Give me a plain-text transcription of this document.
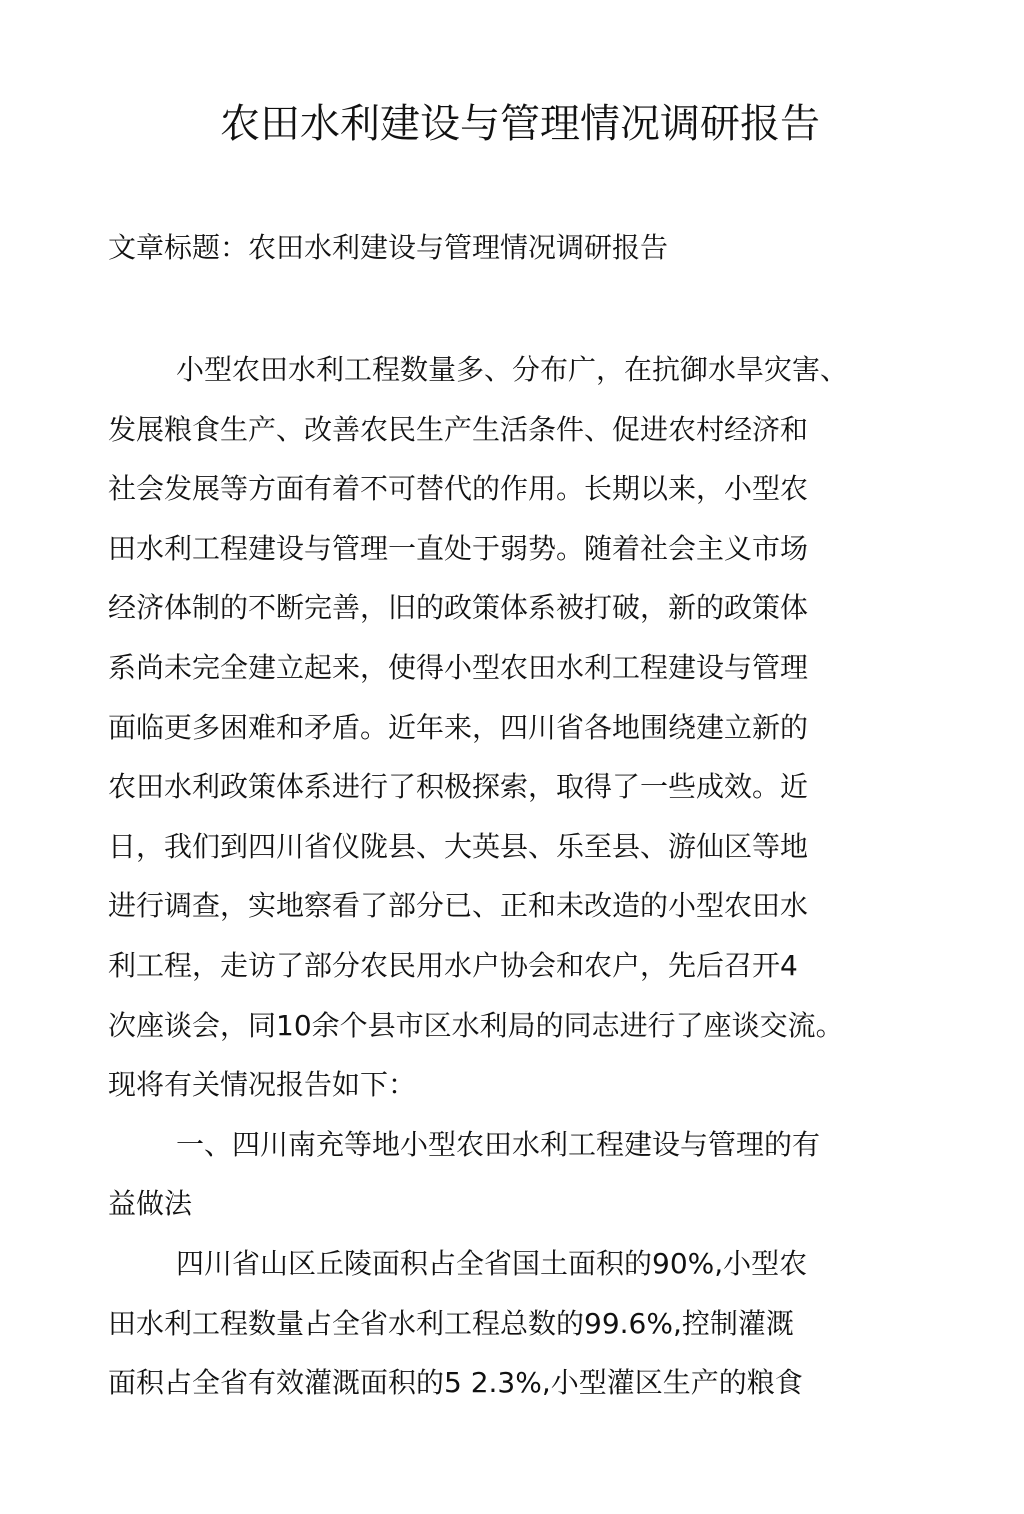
农田水利建设与管理情况调研报告

文章标题：农田水利建设与管理情况调研报告

小型农田水利工程数量多、分布广，在抗御水旱灾害、
发展粮食生产、改善农民生产生活条件、促进农村经济和
社会发展等方面有着不可替代的作用。长期以来，小型农
田水利工程建设与管理一直处于弱势。随着社会主义市场
经济体制的不断完善，旧的政策体系被打破，新的政策体
系尚未完全建立起来，使得小型农田水利工程建设与管理
面临更多困难和矛盾。近年来，四川省各地围绕建立新的
农田水利政策体系进行了积极探索，取得了一些成效。近
日，我们到四川省仪陇县、大英县、乐至县、游仙区等地
进行调查，实地察看了部分已、正和未改造的小型农田水
利工程，走访了部分农民用水户协会和农户，先后召开4
次座谈会，同10余个县市区水利局的同志进行了座谈交流。
现将有关情况报告如下：
一、四川南充等地小型农田水利工程建设与管理的有
益做法
四川省山区丘陵面积占全省国土面积的90%,小型农
田水利工程数量占全省水利工程总数的99.6%,控制灌溉
面积占全省有效灌溉面积的5 2.3%,小型灌区生产的粮食
